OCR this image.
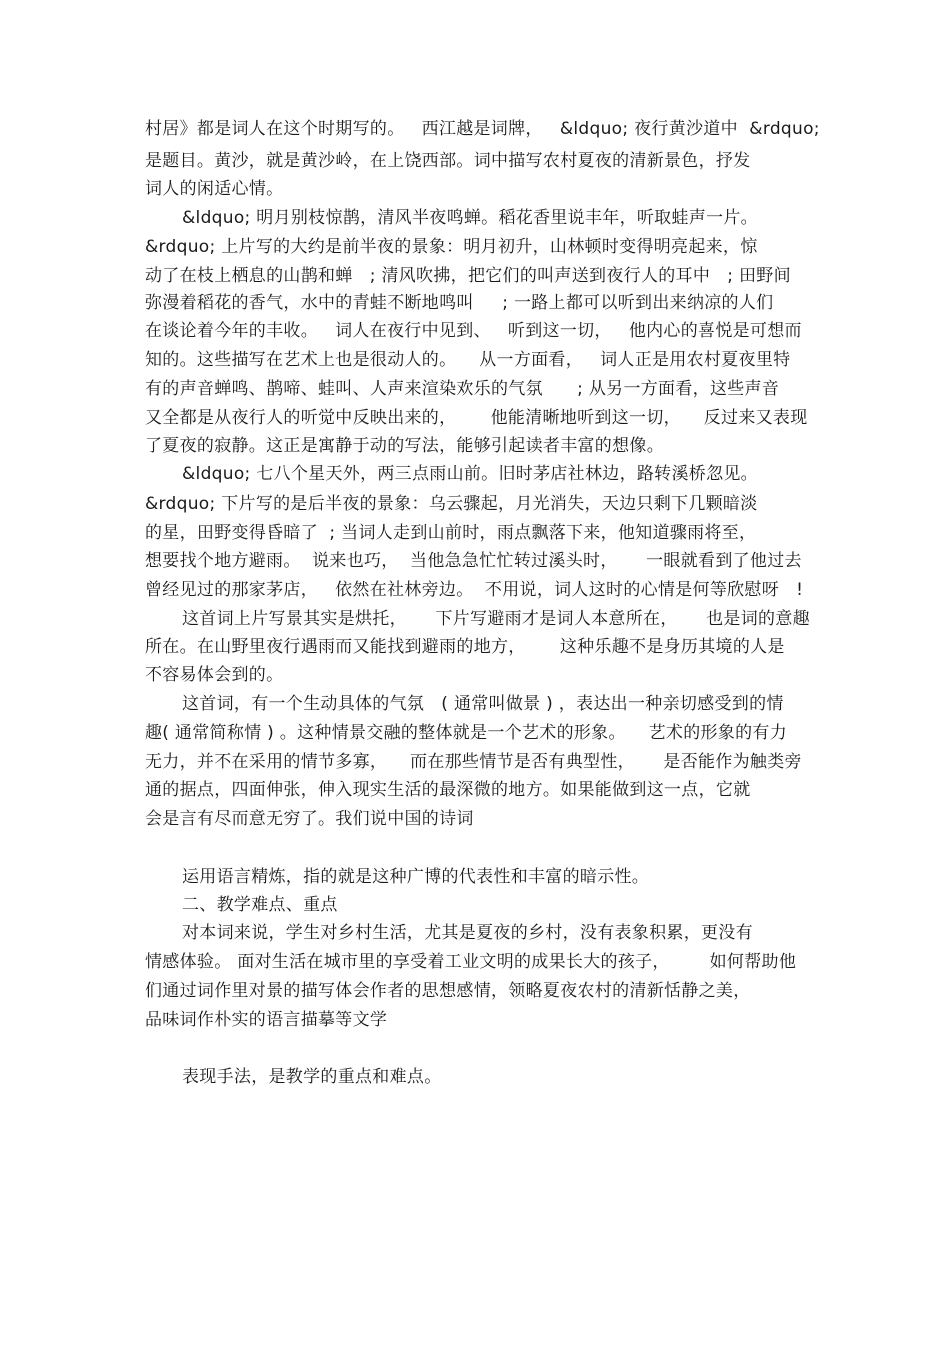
村居》都是词人在这个时期写的。   西江越是词牌，   &ldquo; 夜行黄沙道中  &rdquo;

是题目。黄沙，就是黄沙岭，在上饶西部。词中描写农村夏夜的清新景色，抒发

词人的闲适心情。

&ldquo; 明月别枝惊鹊，清风半夜鸣蝉。稻花香里说丰年，听取蛙声一片。

&rdquo; 上片写的大约是前半夜的景象：明月初升，山林顿时变得明亮起来，惊

动了在枝上栖息的山鹊和蝉   ; 清风吹拂，把它们的叫声送到夜行人的耳中   ; 田野间

弥漫着稻花的香气，水中的青蛙不断地鸣叫     ; 一路上都可以听到出来纳凉的人们

在谈论着今年的丰收。   词人在夜行中见到、   听到这一切，   他内心的喜悦是可想而

知的。这些描写在艺术上也是很动人的。    从一方面看，   词人正是用农村夏夜里特

有的声音蝉鸣、鹊啼、蛙叫、人声来渲染欢乐的气氛      ; 从另一方面看，这些声音

又全都是从夜行人的听觉中反映出来的，      他能清晰地听到这一切，    反过来又表现

了夏夜的寂静。这正是寓静于动的写法，能够引起读者丰富的想像。

&ldquo; 七八个星天外，两三点雨山前。旧时茅店社林边，路转溪桥忽见。

&rdquo; 下片写的是后半夜的景象：乌云骤起，月光消失，天边只剩下几颗暗淡

的星，田野变得昏暗了  ; 当词人走到山前时，雨点飘落下来，他知道骤雨将至，

想要找个地方避雨。  说来也巧，  当他急急忙忙转过溪头时，     一眼就看到了他过去

曾经见过的那家茅店，   依然在社林旁边。  不用说，词人这时的心情是何等欣慰呀   !

这首词上片写景其实是烘托，     下片写避雨才是词人本意所在，     也是词的意趣

所在。在山野里夜行遇雨而又能找到避雨的地方，      这种乐趣不是身历其境的人是

不容易体会到的。

这首词，有一个生动具体的气氛   ( 通常叫做景 ) ，表达出一种亲切感受到的情

趣( 通常简称情 ) 。这种情景交融的整体就是一个艺术的形象。    艺术的形象的有力

无力，并不在采用的情节多寡，    而在那些情节是否有典型性，     是否能作为触类旁

通的据点，四面伸张，伸入现实生活的最深微的地方。如果能做到这一点，它就

会是言有尽而意无穷了。我们说中国的诗词

运用语言精炼，指的就是这种广博的代表性和丰富的暗示性。

二、教学难点、重点

对本词来说，学生对乡村生活，尤其是夏夜的乡村，没有表象积累，更没有

情感体验。 面对生活在城市里的享受着工业文明的成果长大的孩子，       如何帮助他

们通过词作里对景的描写体会作者的思想感情，领略夏夜农村的清新恬静之美，

品味词作朴实的语言描摹等文学

表现手法，是教学的重点和难点。
